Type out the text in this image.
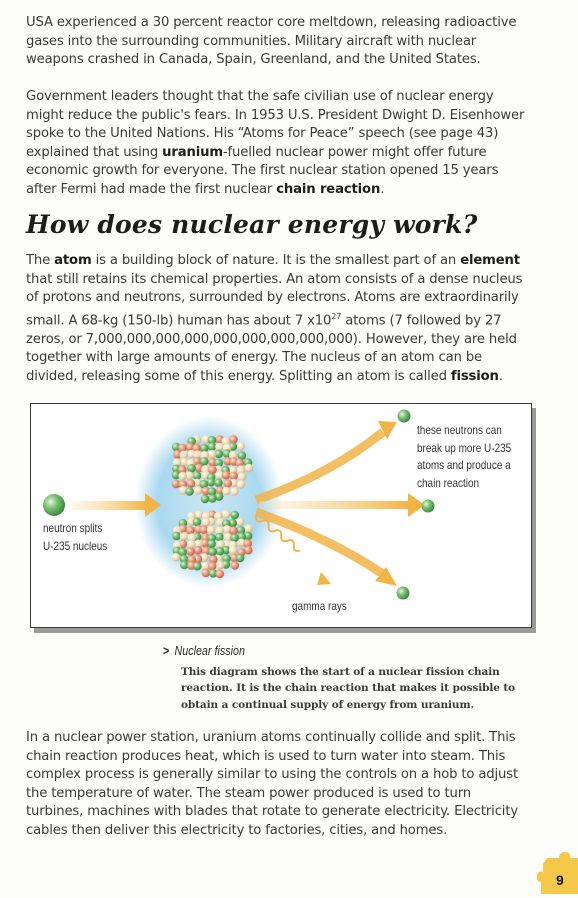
USA experienced a 30 percent reactor core meltdown, releasing radioactive gases into the surrounding communities. Military aircraft with nuclear weapons crashed in Canada, Spain, Greenland, and the United States.

Government leaders thought that the safe civilian use of nuclear energy might reduce the public's fears. In 1953 U.S. President Dwight D. Eisenhower spoke to the United Nations. His “Atoms for Peace” speech (see page 43) explained that using uranium-fuelled nuclear power might offer future economic growth for everyone. The first nuclear station opened 15 years after Fermi had made the first nuclear chain reaction.

How does nuclear energy work?

The atom is a building block of nature. It is the smallest part of an element that still retains its chemical properties. An atom consists of a dense nucleus of protons and neutrons, surrounded by electrons. Atoms are extraordinarily small. A 68-kg (150-lb) human has about 7 $x10^{27}$ atoms (7 followed by 27 zeros, or 7,000,000,000,000,000,000,000,000,000). However, they are held together with large amounts of energy. The nucleus of an atom can be divided, releasing some of this energy. Splitting an atom is called fission.

these neutrons can
break up more U-235
atoms and produce a
chain reaction

neutron splits
U-235 nucleus

gamma rays

> Nuclear fission

This diagram shows the start of a nuclear fission chain reaction. It is the chain reaction that makes it possible to obtain a continual supply of energy from uranium.

In a nuclear power station, uranium atoms continually collide and split. This chain reaction produces heat, which is used to turn water into steam. This complex process is generally similar to using the controls on a hob to adjust the temperature of water. The steam power produced is used to turn turbines, machines with blades that rotate to generate electricity. Electricity cables then deliver this electricity to factories, cities, and homes.

9
